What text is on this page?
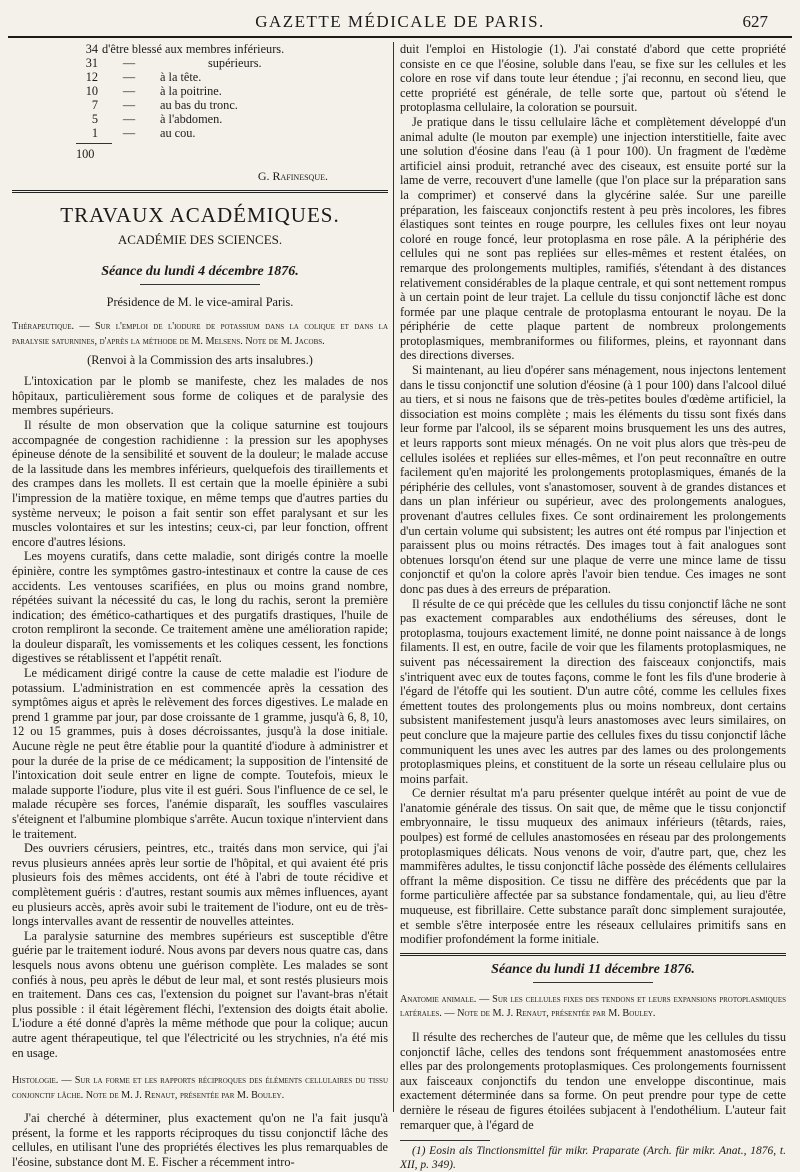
GAZETTE MÉDICALE DE PARIS.	627
34 d'être blessé aux membres inférieurs.
31	—	supérieurs.
12	—	à la tête.
10	—	à la poitrine.
7	—	au bas du tronc.
5	—	à l'abdomen.
1	—	au cou.
100
G. Rafinesque.
TRAVAUX ACADÉMIQUES.
ACADÉMIE DES SCIENCES.
Séance du lundi 4 décembre 1876.
Présidence de M. le vice-amiral Paris.
Thérapeutique. — Sur l'emploi de l'iodure de potassium dans la colique et dans la paralysie saturnines, d'après la méthode de M. Melsens. Note de M. Jacobs.
(Renvoi à la Commission des arts insalubres.)

L'intoxication par le plomb se manifeste, chez les malades de nos hôpitaux, particulièrement sous forme de coliques et de paralysie des membres supérieurs.

Il résulte de mon observation que la colique saturnine est toujours accompagnée de congestion rachidienne : la pression sur les apophyses épineuse dénote de la sensibilité et souvent de la douleur; le malade accuse de la lassitude dans les membres inférieurs, quelquefois des tiraillements et des crampes dans les mollets. Il est certain que la moelle épinière a subi l'impression de la matière toxique, en même temps que d'autres parties du système nerveux; le poison a fait sentir son effet paralysant et sur les muscles volontaires et sur les intestins; ceux-ci, par leur fonction, offrent encore d'autres lésions.

Les moyens curatifs, dans cette maladie, sont dirigés contre la moelle épinière, contre les symptômes gastro-intestinaux et contre la cause de ces accidents. Les ventouses scarifiées, en plus ou moins grand nombre, répétées suivant la nécessité du cas, le long du rachis, seront la première indication; des émético-cathartiques et des purgatifs drastiques, l'huile de croton rempliront la seconde. Ce traitement amène une amélioration rapide; la douleur disparaît, les vomissements et les coliques cessent, les fonctions digestives se rétablissent et l'appétit renaît.

Le médicament dirigé contre la cause de cette maladie est l'iodure de potassium. L'administration en est commencée après la cessation des symptômes aigus et après le relèvement des forces digestives. Le malade en prend 1 gramme par jour, par dose croissante de 1 gramme, jusqu'à 6, 8, 10, 12 ou 15 grammes, puis à doses décroissantes, jusqu'à la dose initiale. Aucune règle ne peut être établie pour la quantité d'iodure à administrer et pour la durée de la prise de ce médicament; la supposition de l'intensité de l'intoxication doit seule entrer en ligne de compte. Toutefois, mieux le malade supporte l'iodure, plus vite il est guéri. Sous l'influence de ce sel, le malade récupère ses forces, l'anémie disparaît, les souffles vasculaires s'éteignent et l'albumine plombique s'arrête. Aucun toxique n'intervient dans le traitement.

Des ouvriers cérusiers, peintres, etc., traités dans mon service, qui j'ai revus plusieurs années après leur sortie de l'hôpital, et qui avaient été pris plusieurs fois des mêmes accidents, ont été à l'abri de toute récidive et complètement guéris : d'autres, restant soumis aux mêmes influences, ayant eu plusieurs accès, après avoir subi le traitement de l'iodure, ont eu de très-longs intervalles avant de ressentir de nouvelles atteintes.

La paralysie saturnine des membres supérieurs est susceptible d'être guérie par le traitement ioduré. Nous avons par devers nous quatre cas, dans lesquels nous avons obtenu une guérison complète. Les malades se sont confiés à nous, peu après le début de leur mal, et sont restés plusieurs mois en traitement. Dans ces cas, l'extension du poignet sur l'avant-bras n'était plus possible : il était légèrement fléchi, l'extension des doigts était abolie. L'iodure a été donné d'après la même méthode que pour la colique; aucun autre agent thérapeutique, tel que l'électricité ou les strychnies, n'a été mis en usage.

Histologie. — Sur la forme et les rapports réciproques des éléments cellulaires du tissu conjonctif lâche. Note de M. J. Renaut, présentée par M. Bouley.

J'ai cherché à déterminer, plus exactement qu'on ne l'a fait jusqu'à présent, la forme et les rapports réciproques du tissu conjonctif lâche des cellules, en utilisant l'une des propriétés électives les plus remarquables de l'éosine, substance dont M. E. Fischer a récemment intro-

duit l'emploi en Histologie (1). J'ai constaté d'abord que cette propriété consiste en ce que l'éosine, soluble dans l'eau, se fixe sur les cellules et les colore en rose vif dans toute leur étendue ; j'ai reconnu, en second lieu, que cette propriété est générale, de telle sorte que, partout où s'étend le protoplasma cellulaire, la coloration se poursuit.

Je pratique dans le tissu cellulaire lâche et complètement développé d'un animal adulte (le mouton par exemple) une injection interstitielle, faite avec une solution d'éosine dans l'eau (à 1 pour 100). Un fragment de l'œdème artificiel ainsi produit, retranché avec des ciseaux, est ensuite porté sur la lame de verre, recouvert d'une lamelle (que l'on place sur la préparation sans la comprimer) et conservé dans la glycérine salée. Sur une pareille préparation, les faisceaux conjonctifs restent à peu près incolores, les fibres élastiques sont teintes en rouge pourpre, les cellules fixes ont leur noyau coloré en rouge foncé, leur protoplasma en rose pâle. A la périphérie des cellules qui ne sont pas repliées sur elles-mêmes et restent étalées, on remarque des prolongements multiples, ramifiés, s'étendant à des distances relativement considérables de la plaque centrale, et qui sont nettement rompus à un certain point de leur trajet. La cellule du tissu conjonctif lâche est donc formée par une plaque centrale de protoplasma entourant le noyau. De la périphérie de cette plaque partent de nombreux prolongements protoplasmiques, membraniformes ou filiformes, pleins, et rayonnant dans des directions diverses.

Si maintenant, au lieu d'opérer sans ménagement, nous injectons lentement dans le tissu conjonctif une solution d'éosine (à 1 pour 100) dans l'alcool dilué au tiers, et si nous ne faisons que de très-petites boules d'œdème artificiel, la dissociation est moins complète ; mais les éléments du tissu sont fixés dans leur forme par l'alcool, ils se séparent moins brusquement les uns des autres, et leurs rapports sont mieux ménagés. On ne voit plus alors que très-peu de cellules isolées et repliées sur elles-mêmes, et l'on peut reconnaître en outre facilement qu'en majorité les prolongements protoplasmiques, émanés de la périphérie des cellules, vont s'anastomoser, souvent à de grandes distances et dans un plan inférieur ou supérieur, avec des prolongements analogues, provenant d'autres cellules fixes. Ce sont ordinairement les prolongements d'un certain volume qui subsistent; les autres ont été rompus par l'injection et paraissent plus ou moins rétractés. Des images tout à fait analogues sont obtenues lorsqu'on étend sur une plaque de verre une mince lame de tissu conjonctif et qu'on la colore après l'avoir bien tendue. Ces images ne sont donc pas dues à des erreurs de préparation.

Il résulte de ce qui précède que les cellules du tissu conjonctif lâche ne sont pas exactement comparables aux endothéliums des séreuses, dont le protoplasma, toujours exactement limité, ne donne point naissance à de longs filaments. Il est, en outre, facile de voir que les filaments protoplasmiques, ne suivent pas nécessairement la direction des faisceaux conjonctifs, mais s'intriquent avec eux de toutes façons, comme le font les fils d'une broderie à l'égard de l'étoffe qui les soutient. D'un autre côté, comme les cellules fixes émettent toutes des prolongements plus ou moins nombreux, dont certains subsistent manifestement jusqu'à leurs anastomoses avec leurs similaires, on peut conclure que la majeure partie des cellules fixes du tissu conjonctif lâche communiquent les unes avec les autres par des lames ou des prolongements protoplasmiques pleins, et constituent de la sorte un réseau cellulaire plus ou moins parfait.

Ce dernier résultat m'a paru présenter quelque intérêt au point de vue de l'anatomie générale des tissus. On sait que, de même que le tissu conjonctif embryonnaire, le tissu muqueux des animaux inférieurs (têtards, raies, poulpes) est formé de cellules anastomosées en réseau par des prolongements protoplasmiques délicats. Nous venons de voir, d'autre part, que, chez les mammifères adultes, le tissu conjonctif lâche possède des éléments cellulaires offrant la même disposition. Ce tissu ne diffère des précédents que par la forme particulière affectée par sa substance fondamentale, qui, au lieu d'être muqueuse, est fibrillaire. Cette substance paraît donc simplement surajoutée, et semble s'être interposée entre les réseaux cellulaires primitifs sans en modifier profondément la forme initiale.

Séance du lundi 11 décembre 1876.
Anatomie animale. — Sur les cellules fixes des tendons et leurs expansions protoplasmiques latérales. — Note de M. J. Renaut, présentée par M. Bouley.

Il résulte des recherches de l'auteur que, de même que les cellules du tissu conjonctif lâche, celles des tendons sont fréquemment anastomosées entre elles par des prolongements protoplasmiques. Ces prolongements fournissent aux faisceaux conjonctifs du tendon une enveloppe discontinue, mais exactement déterminée dans sa forme. On peut prendre pour type de cette dernière le réseau de figures étoilées subjacent à l'endothélium. L'auteur fait remarquer que, à l'égard de

(1) Eosin als Tinctionsmittel für mikr. Praparate (Arch. für mikr. Anat., 1876, t. XII, p. 349).
